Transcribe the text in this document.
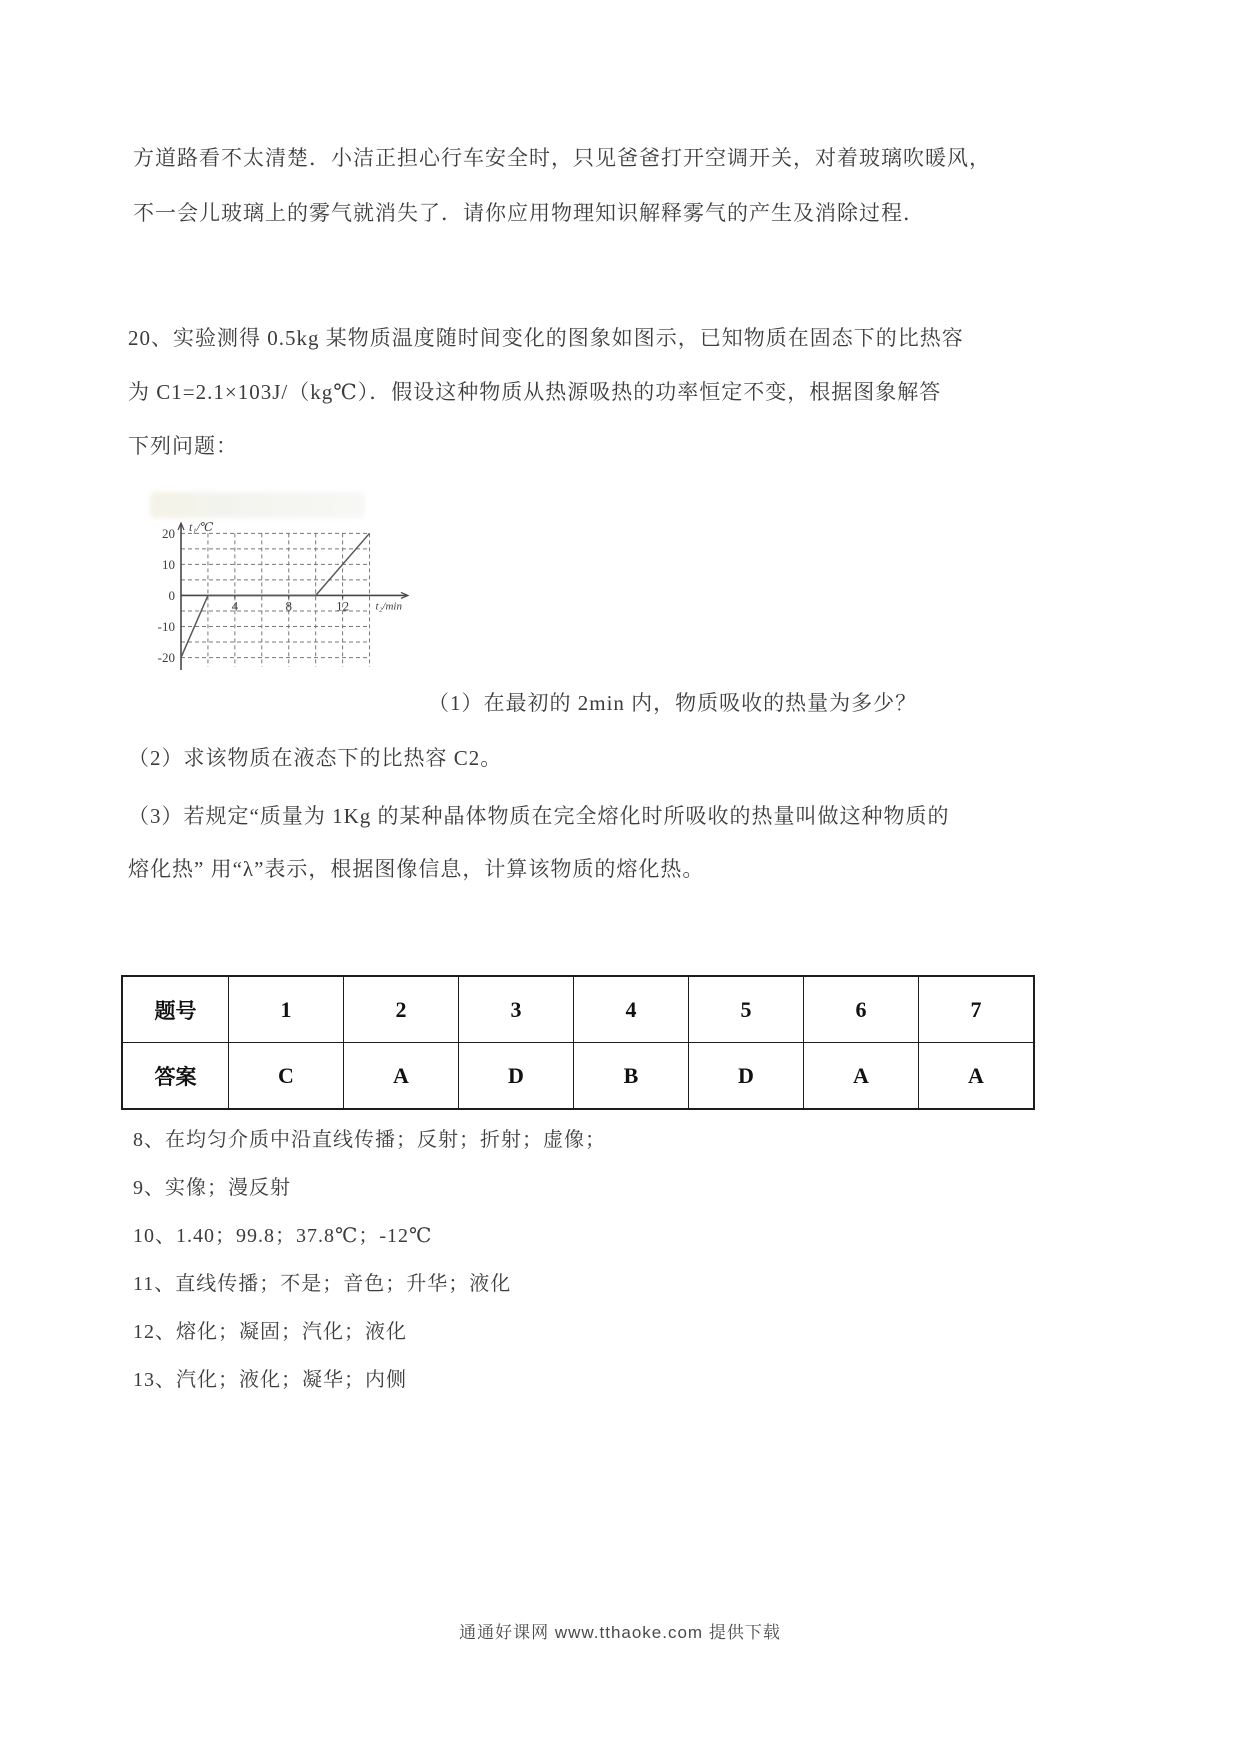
方道路看不太清楚．小洁正担心行车安全时，只见爸爸打开空调开关，对着玻璃吹暖风，

不一会儿玻璃上的雾气就消失了．请你应用物理知识解释雾气的产生及消除过程．

20、实验测得 0.5kg 某物质温度随时间变化的图象如图示，已知物质在固态下的比热容

为 C1=2.1×103J/（kg℃）．假设这种物质从热源吸热的功率恒定不变，根据图象解答

下列问题：

20
10
0
-10
-20
4	8	12
t₁/℃
t₂/min

（1）在最初的 2min 内，物质吸收的热量为多少？

（2）求该物质在液态下的比热容 C2。

（3）若规定“质量为 1Kg 的某种晶体物质在完全熔化时所吸收的热量叫做这种物质的

熔化热” 用“λ”表示，根据图像信息，计算该物质的熔化热。

题号	1	2	3	4	5	6	7
答案	C	A	D	B	D	A	A

8、在均匀介质中沿直线传播；反射；折射；虚像；

9、实像；漫反射

10、1.40；99.8；37.8℃；-12℃

11、直线传播；不是；音色；升华；液化

12、熔化；凝固；汽化；液化

13、汽化；液化；凝华；内侧

通通好课网 www.tthaoke.com 提供下载
